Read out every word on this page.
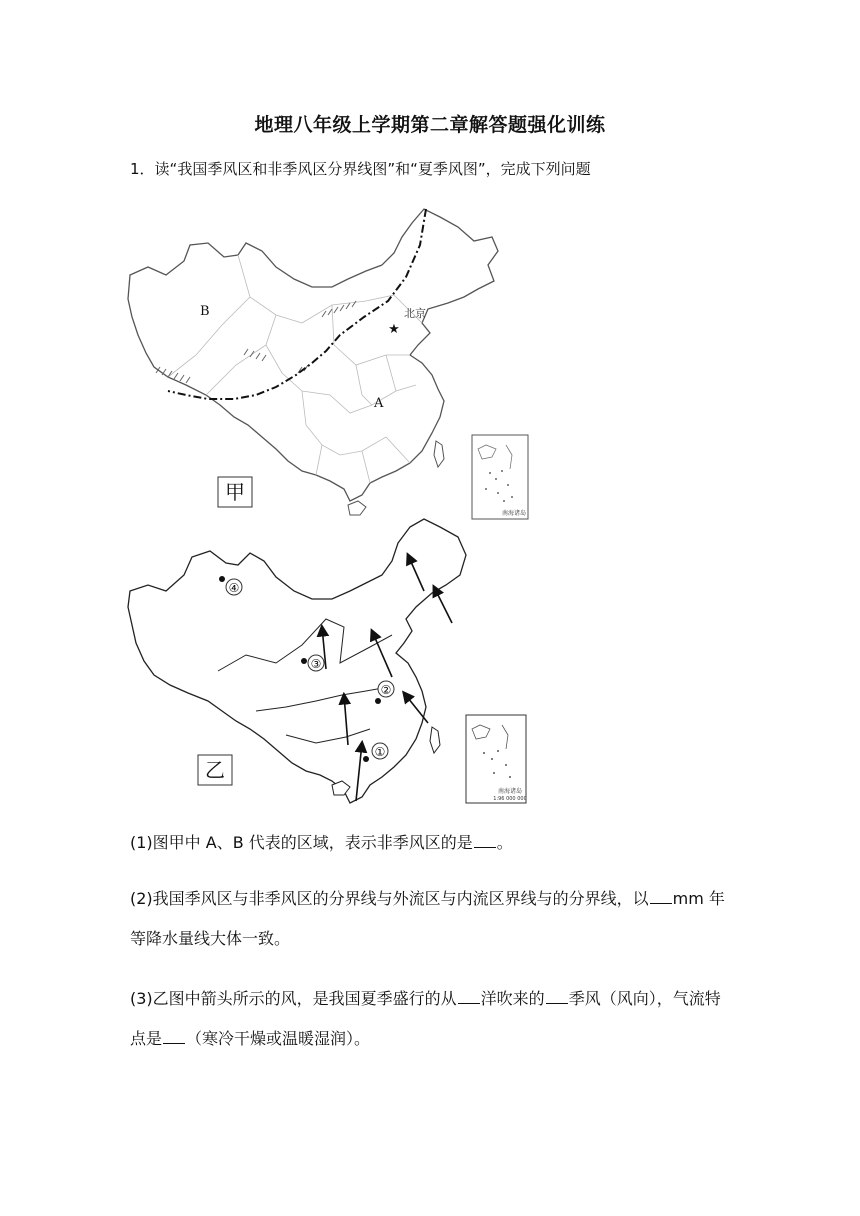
地理八年级上学期第二章解答题强化训练
1．读“我国季风区和非季风区分界线图”和“夏季风图”，完成下列问题
★
北京
B
A
南海诸岛
甲
①
②
③
④
南海诸岛
1:96 000 000
乙
(1)图甲中 A、B 代表的区域，表示非季风区的是 。
(2)我国季风区与非季风区的分界线与外流区与内流区界线与的分界线，以 mm 年
等降水量线大体一致。
(3)乙图中箭头所示的风，是我国夏季盛行的从 洋吹来的 季风（风向），气流特
点是 （寒冷干燥或温暖湿润）。
